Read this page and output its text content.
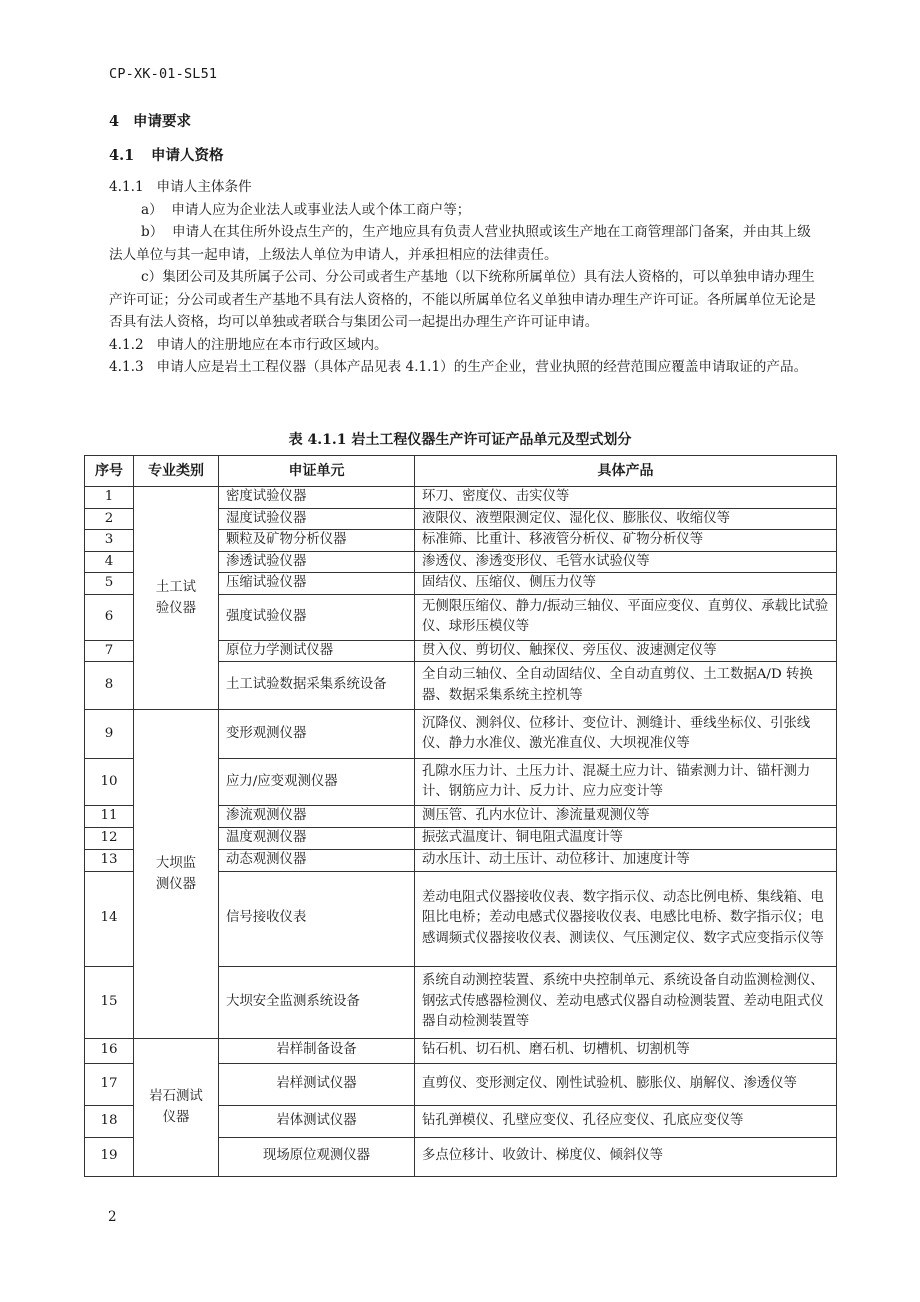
CP-XK-01-SL51
4 申请要求
4.1 申请人资格

4.1.1   申请人主体条件

a）  申请人应为企业法人或事业法人或个体工商户等；

b）  申请人在其住所外设点生产的，生产地应具有负责人营业执照或该生产地在工商管理部门备案，并由其上级法人单位与其一起申请，上级法人单位为申请人，并承担相应的法律责任。

c）集团公司及其所属子公司、分公司或者生产基地（以下统称所属单位）具有法人资格的，可以单独申请办理生产许可证；分公司或者生产基地不具有法人资格的，不能以所属单位名义单独申请办理生产许可证。各所属单位无论是否具有法人资格，均可以单独或者联合与集团公司一起提出办理生产许可证申请。

4.1.2   申请人的注册地应在本市行政区域内。

4.1.3   申请人应是岩土工程仪器（具体产品见表 4.1.1）的生产企业，营业执照的经营范围应覆盖申请取证的产品。

表 4.1.1 岩土工程仪器生产许可证产品单元及型式划分
序号	专业类别	申证单元	具体产品
1	土工试验仪器	密度试验仪器	环刀、密度仪、击实仪等
2		湿度试验仪器	液限仪、液塑限测定仪、湿化仪、膨胀仪、收缩仪等
3		颗粒及矿物分析仪器	标准筛、比重计、移液管分析仪、矿物分析仪等
4		渗透试验仪器	渗透仪、渗透变形仪、毛管水试验仪等
5		压缩试验仪器	固结仪、压缩仪、侧压力仪等
6		强度试验仪器	无侧限压缩仪、静力/振动三轴仪、平面应变仪、直剪仪、承载比试验仪、球形压模仪等
7		原位力学测试仪器	贯入仪、剪切仪、触探仪、旁压仪、波速测定仪等
8		土工试验数据采集系统设备	全自动三轴仪、全自动固结仪、全自动直剪仪、土工数据A/D 转换器、数据采集系统主控机等
9	大坝监测仪器	变形观测仪器	沉降仪、测斜仪、位移计、变位计、测缝计、垂线坐标仪、引张线仪、静力水准仪、激光准直仪、大坝视准仪等
10		应力/应变观测仪器	孔隙水压力计、土压力计、混凝土应力计、锚索测力计、锚杆测力计、钢筋应力计、反力计、应力应变计等
11		渗流观测仪器	测压管、孔内水位计、渗流量观测仪等
12		温度观测仪器	振弦式温度计、铜电阻式温度计等
13		动态观测仪器	动水压计、动土压计、动位移计、加速度计等
14		信号接收仪表	差动电阻式仪器接收仪表、数字指示仪、动态比例电桥、集线箱、电阻比电桥；差动电感式仪器接收仪表、电感比电桥、数字指示仪；电感调频式仪器接收仪表、测读仪、气压测定仪、数字式应变指示仪等
15		大坝安全监测系统设备	系统自动测控装置、系统中央控制单元、系统设备自动监测检测仪、钢弦式传感器检测仪、差动电感式仪器自动检测装置、差动电阻式仪器自动检测装置等
16	岩石测试仪器	岩样制备设备	钻石机、切石机、磨石机、切槽机、切割机等
17		岩样测试仪器	直剪仪、变形测定仪、刚性试验机、膨胀仪、崩解仪、渗透仪等
18		岩体测试仪器	钻孔弹模仪、孔壁应变仪、孔径应变仪、孔底应变仪等
19		现场原位观测仪器	多点位移计、收敛计、梯度仪、倾斜仪等
2
